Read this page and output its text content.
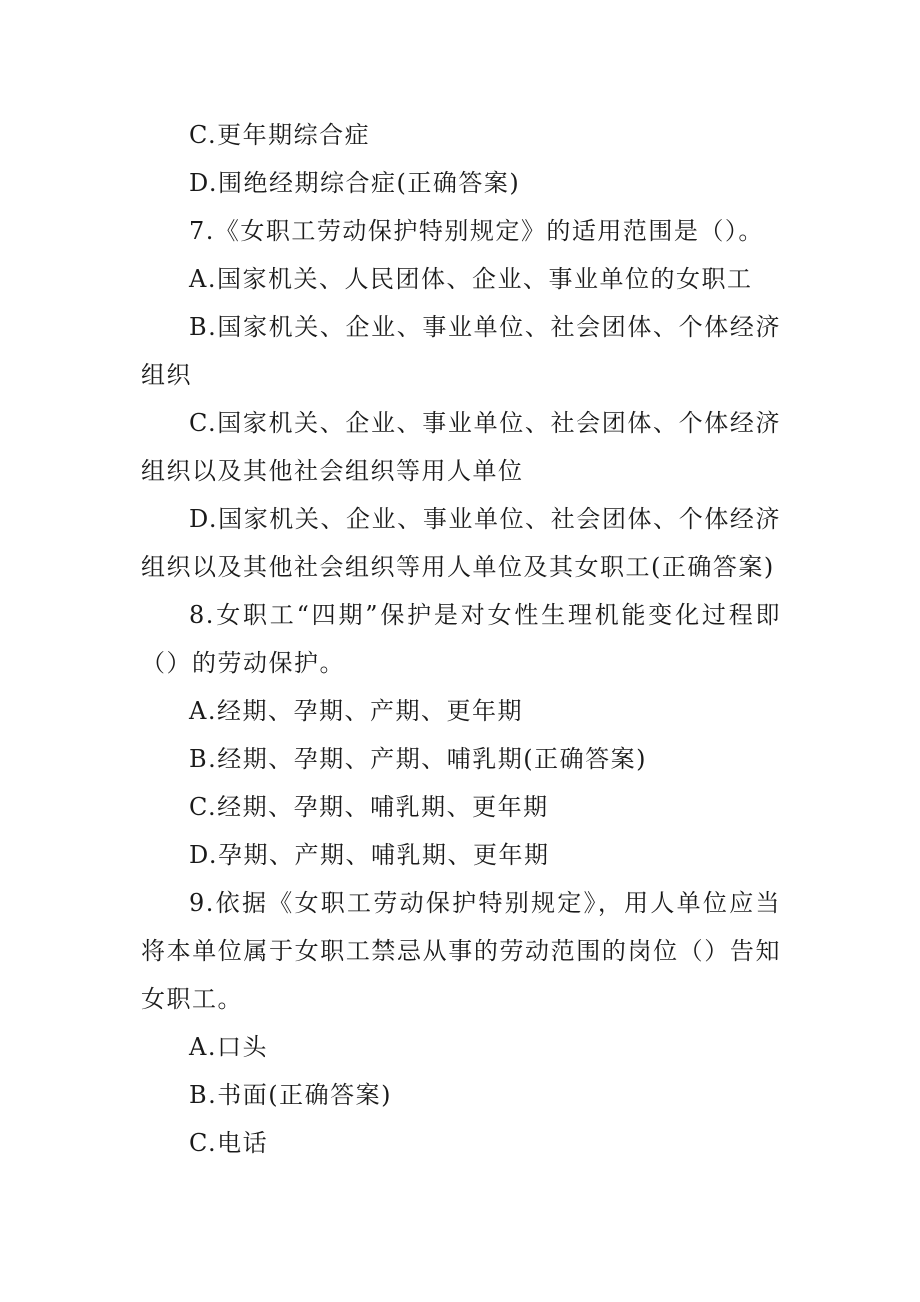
C.更年期综合症

D.围绝经期综合症(正确答案)

7.《女职工劳动保护特别规定》的适用范围是（）。

A.国家机关、人民团体、企业、事业单位的女职工

B.国家机关、企业、事业单位、社会团体、个体经济组织

C.国家机关、企业、事业单位、社会团体、个体经济组织以及其他社会组织等用人单位

D.国家机关、企业、事业单位、社会团体、个体经济组织以及其他社会组织等用人单位及其女职工(正确答案)

8.女职工“四期”保护是对女性生理机能变化过程即（）的劳动保护。

A.经期、孕期、产期、更年期

B.经期、孕期、产期、哺乳期(正确答案)

C.经期、孕期、哺乳期、更年期

D.孕期、产期、哺乳期、更年期

9.依据《女职工劳动保护特别规定》，用人单位应当将本单位属于女职工禁忌从事的劳动范围的岗位（）告知女职工。

A.口头

B.书面(正确答案)

C.电话
